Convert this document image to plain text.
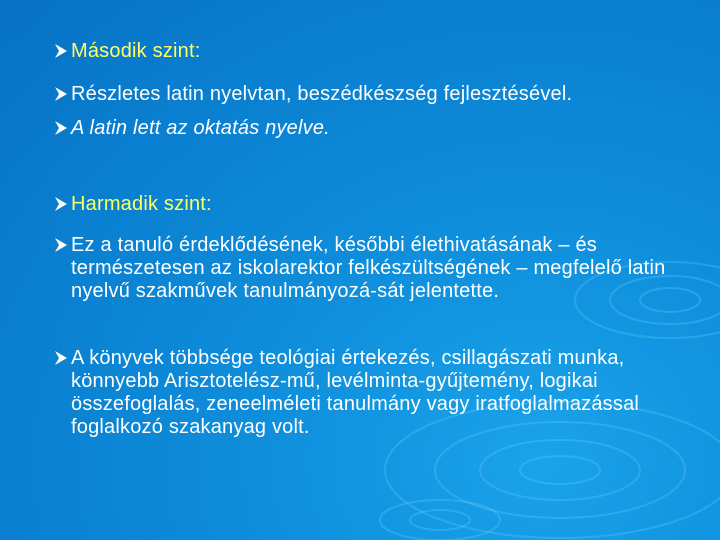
Második szint:
Részletes latin nyelvtan, beszédkészség fejlesztésével.
A latin lett az oktatás nyelve.
Harmadik szint:
Ez a tanuló érdeklődésének, későbbi élethivatásának – és természetesen az iskolarektor felkészültségének – megfelelő latin nyelvű szakművek tanulmányozá-sát jelentette.
A könyvek többsége teológiai értekezés, csillagászati munka, könnyebb Arisztotelész-mű, levélminta-gyűjtemény, logikai összefoglalás, zeneelméleti tanulmány vagy iratfoglalmazással foglalkozó szakanyag volt.
